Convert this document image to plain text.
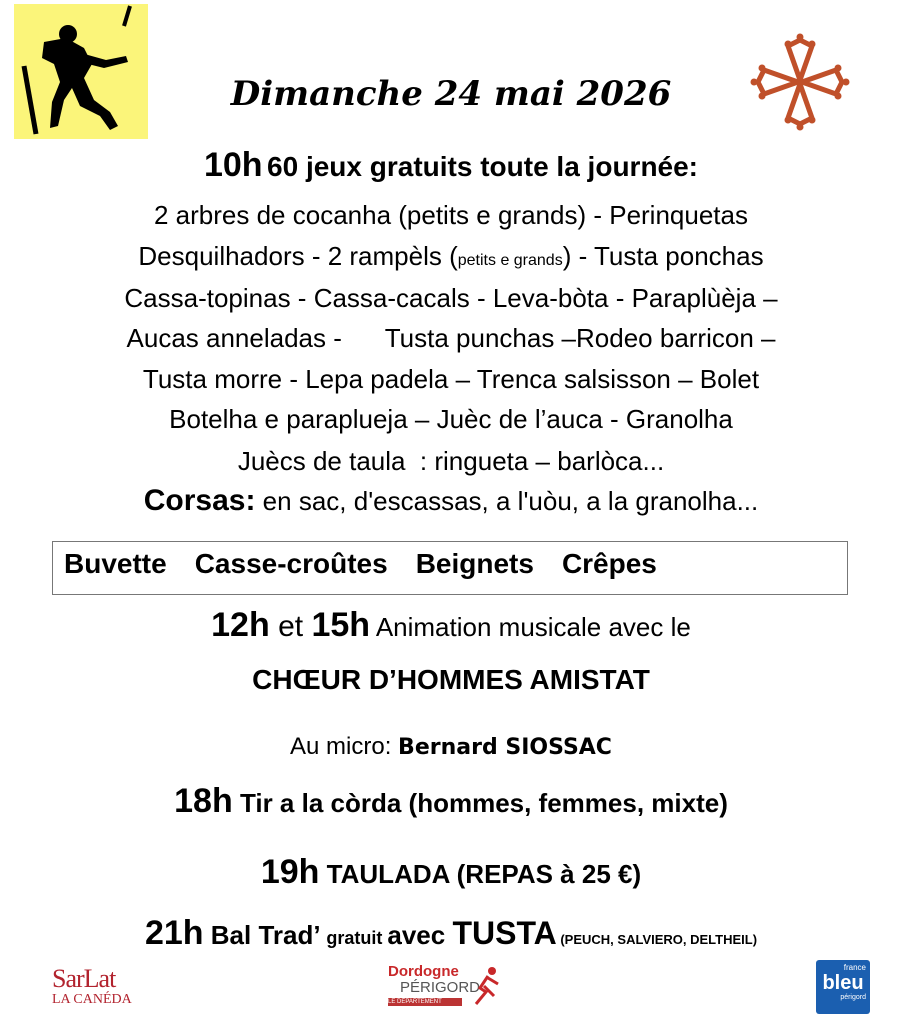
Dimanche 24 mai 2026
10h 60 jeux gratuits toute la journée:
2 arbres de cocanha (petits e grands) - Perinquetas
Desquilhadors - 2 rampèls (petits e grands) - Tusta ponchas
Cassa-topinas - Cassa-cacals - Leva-bòta - Paraplùèja –
Aucas anneladas -      Tusta punchas –Rodeo barricon –
Tusta morre - Lepa padela – Trenca salsisson – Bolet
Botelha e paraplueja – Juèc de l’auca - Granolha
Juècs de taula  : ringueta – barlòca...
Corsas: en sac, d'escassas, a l'uòu, a la granolha...
Buvette Casse-croûtes Beignets Crêpes
12h et 15h Animation musicale avec le
CHŒUR D’HOMMES AMISTAT
Au micro: Bernard SIOSSAC
18h Tir a la còrda (hommes, femmes, mixte)
19h TAULADA (REPAS à 25 €)
21h Bal Trad’ gratuit avec TUSTA (PEUCH, SALVIERO, DELTHEIL)
SarLat
LA CANÉDA
Dordogne
PÉRIGORD
LE DÉPARTEMENT
france
bleu
périgord
